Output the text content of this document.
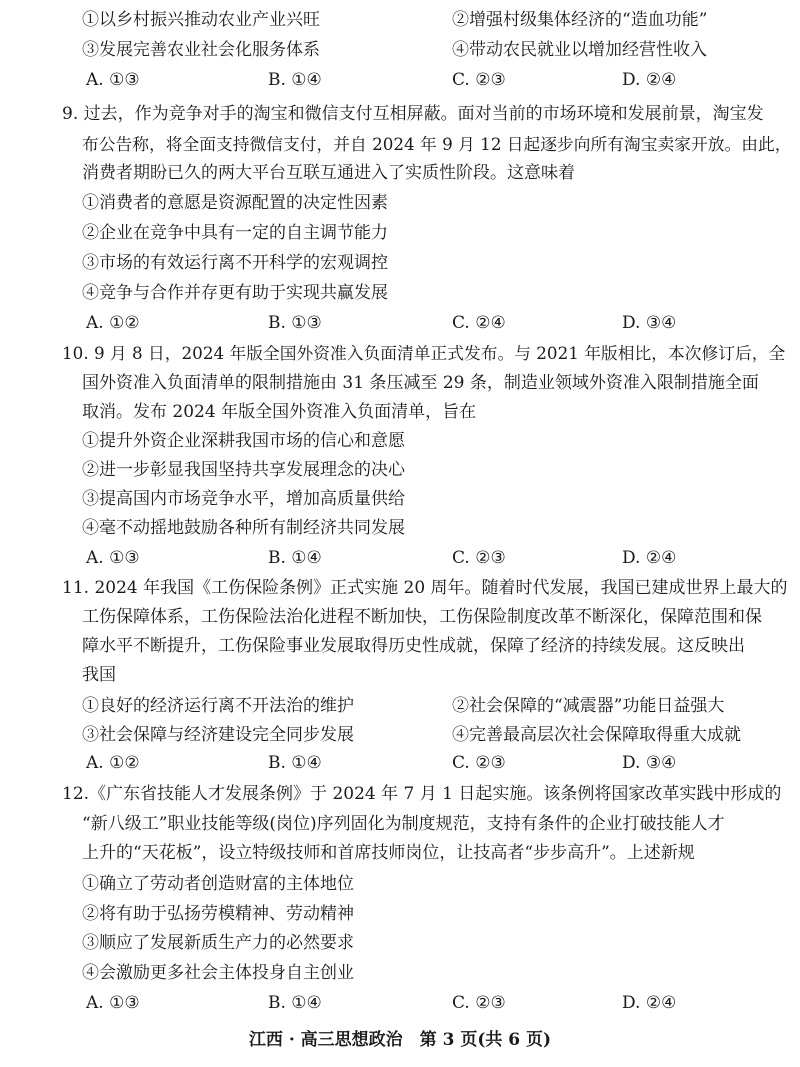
①以乡村振兴推动农业产业兴旺	②增强村级集体经济的“造血功能”
③发展完善农业社会化服务体系	④带动农民就业以增加经营性收入
A. ①③	B. ①④	C. ②③	D. ②④
9. 过去，作为竞争对手的淘宝和微信支付互相屏蔽。面对当前的市场环境和发展前景，淘宝发
布公告称，将全面支持微信支付，并自 2024 年 9 月 12 日起逐步向所有淘宝卖家开放。由此，
消费者期盼已久的两大平台互联互通进入了实质性阶段。这意味着
①消费者的意愿是资源配置的决定性因素
②企业在竞争中具有一定的自主调节能力
③市场的有效运行离不开科学的宏观调控
④竞争与合作并存更有助于实现共赢发展
A. ①②	B. ①③	C. ②④	D. ③④
10. 9 月 8 日，2024 年版全国外资准入负面清单正式发布。与 2021 年版相比，本次修订后，全
国外资准入负面清单的限制措施由 31 条压减至 29 条，制造业领域外资准入限制措施全面
取消。发布 2024 年版全国外资准入负面清单，旨在
①提升外资企业深耕我国市场的信心和意愿
②进一步彰显我国坚持共享发展理念的决心
③提高国内市场竞争水平，增加高质量供给
④毫不动摇地鼓励各种所有制经济共同发展
A. ①③	B. ①④	C. ②③	D. ②④
11. 2024 年我国《工伤保险条例》正式实施 20 周年。随着时代发展，我国已建成世界上最大的
工伤保障体系，工伤保险法治化进程不断加快，工伤保险制度改革不断深化，保障范围和保
障水平不断提升，工伤保险事业发展取得历史性成就，保障了经济的持续发展。这反映出
我国
①良好的经济运行离不开法治的维护	②社会保障的“减震器”功能日益强大
③社会保障与经济建设完全同步发展	④完善最高层次社会保障取得重大成就
A. ①②	B. ①④	C. ②③	D. ③④
12.《广东省技能人才发展条例》于 2024 年 7 月 1 日起实施。该条例将国家改革实践中形成的
“新八级工”职业技能等级(岗位)序列固化为制度规范，支持有条件的企业打破技能人才
上升的“天花板”，设立特级技师和首席技师岗位，让技高者“步步高升”。上述新规
①确立了劳动者创造财富的主体地位
②将有助于弘扬劳模精神、劳动精神
③顺应了发展新质生产力的必然要求
④会激励更多社会主体投身自主创业
A. ①③	B. ①④	C. ②③	D. ②④
江西 · 高三思想政治　第 3 页(共 6 页)
